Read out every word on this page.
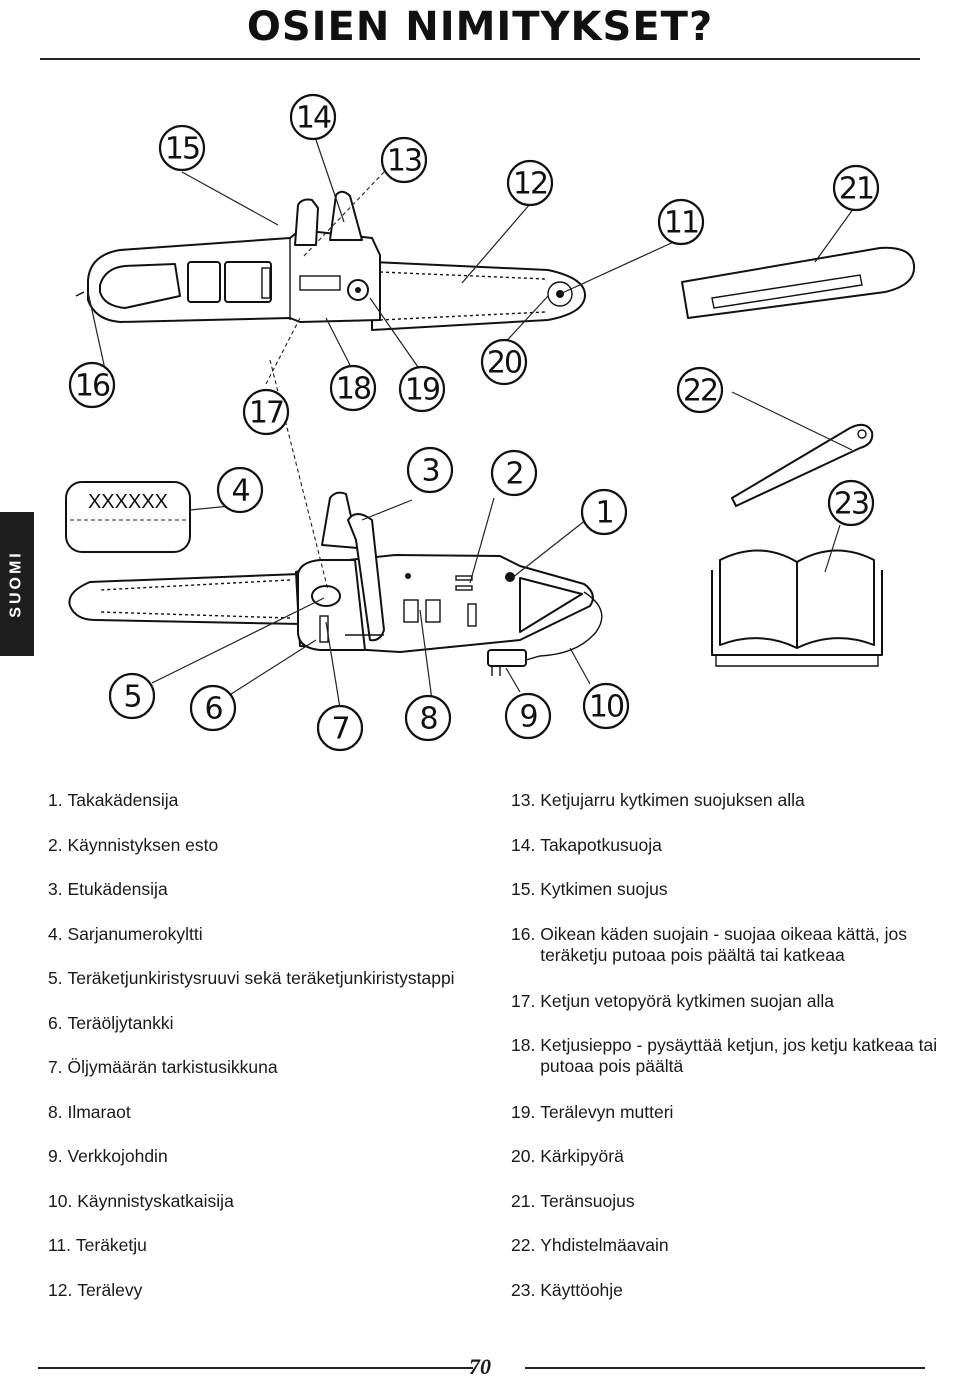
OSIEN NIMITYKSET?
SUOMI
XXXXXX	1
2
3
4
5 6
7 8	9 10
11
12
13
14
15
16
17
18 19
20
21
22
23
1. Takakädensija
2. Käynnistyksen esto
3. Etukädensija
4. Sarjanumerokyltti
5. Teräketjunkiristysruuvi sekä teräketjunkiristystappi
6. Teräöljytankki
7. Öljymäärän tarkistusikkuna
8. Ilmaraot
9. Verkkojohdin
10. Käynnistyskatkaisija
11. Teräketju
12. Terälevy
13. Ketjujarru kytkimen suojuksen alla
14. Takapotkusuoja
15. Kytkimen suojus
16. Oikean käden suojain - suojaa oikeaa kättä, jos teräketju putoaa pois päältä tai katkeaa
17. Ketjun vetopyörä kytkimen suojan alla
18. Ketjusieppo - pysäyttää ketjun, jos ketju katkeaa tai putoaa pois päältä
19. Terälevyn mutteri
20. Kärkipyörä
21. Teränsuojus
22. Yhdistelmäavain
23. Käyttöohje
70
